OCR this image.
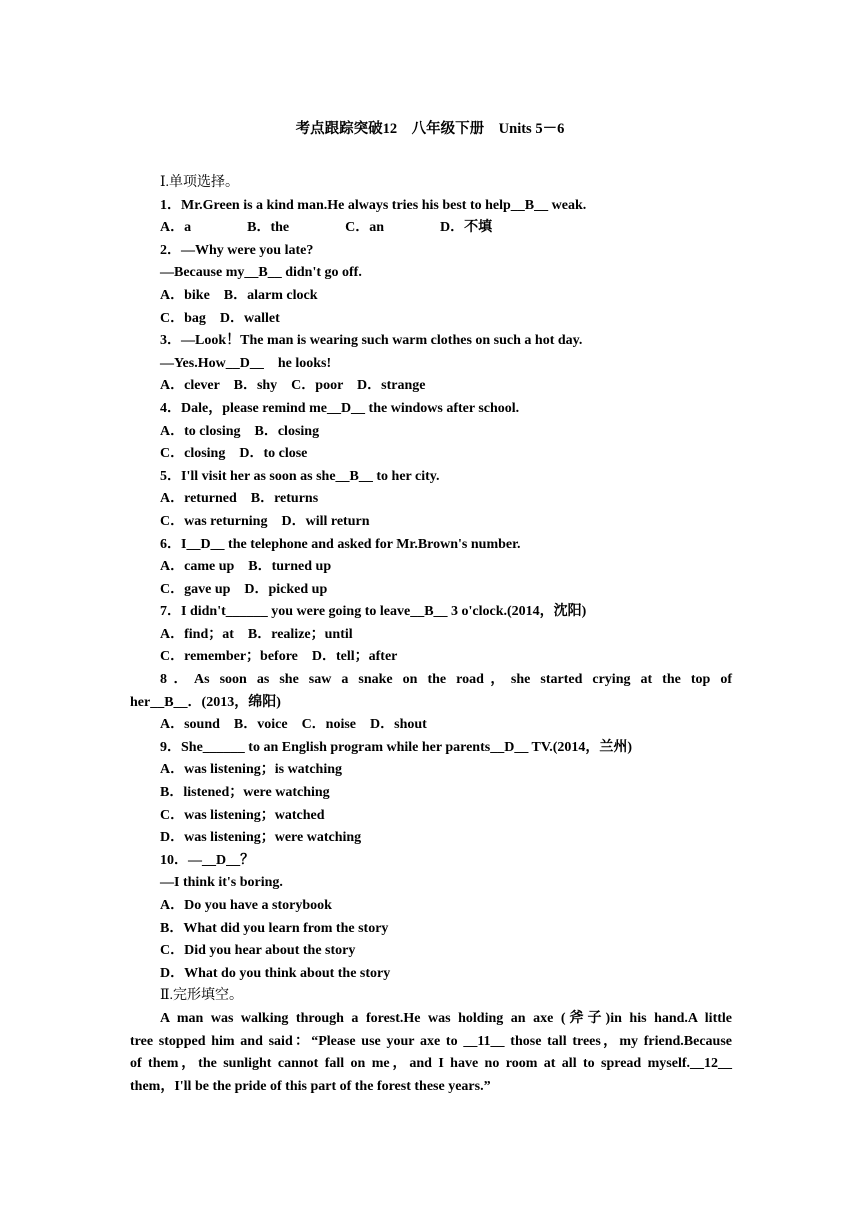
考点跟踪突破12　八年级下册　Units 5－6
Ⅰ.单项选择。
1．Mr.Green is a kind man.He always tries his best to help__B__ weak.
A．a　　　　B．the　　　　C．an　　　　D．不填
2．—Why were you late?
—Because my__B__ didn't go off.
A．bike　B．alarm clock
C．bag　D．wallet
3．—Look！The man is wearing such warm clothes on such a hot day.
—Yes.How__D__　he looks!
A．clever　B．shy　C．poor　D．strange
4．Dale，please remind me__D__ the windows after school.
A．to closing　B．closing
C．closing　D．to close
5．I'll visit her as soon as she__B__ to her city.
A．returned　B．returns
C．was returning　D．will return
6．I__D__ the telephone and asked for Mr.Brown's number.
A．came up　B．turned up
C．gave up　D．picked up
7．I didn't______ you were going to leave__B__ 3 o'clock.(2014，沈阳)
A．find；at　B．realize；until
C．remember；before　D．tell；after
8．As soon as she saw a snake on the road，she started crying at the top of
her__B__．(2013，绵阳)
A．sound　B．voice　C．noise　D．shout
9．She______ to an English program while her parents__D__ TV.(2014，兰州)
A．was listening；is watching
B．listened；were watching
C．was listening；watched
D．was listening；were watching
10．—__D__？
—I think it's boring.
A．Do you have a storybook
B．What did you learn from the story
C．Did you hear about the story
D．What do you think about the story
Ⅱ.完形填空。
A man was walking through a forest.He was holding an axe (斧子)in his hand.A little
tree stopped him and said：“Please use your axe to __11__ those tall trees，my friend.Because
of them，the sunlight cannot fall on me，and I have no room at all to spread myself.__12__
them，I'll be the pride of this part of the forest these years.”
